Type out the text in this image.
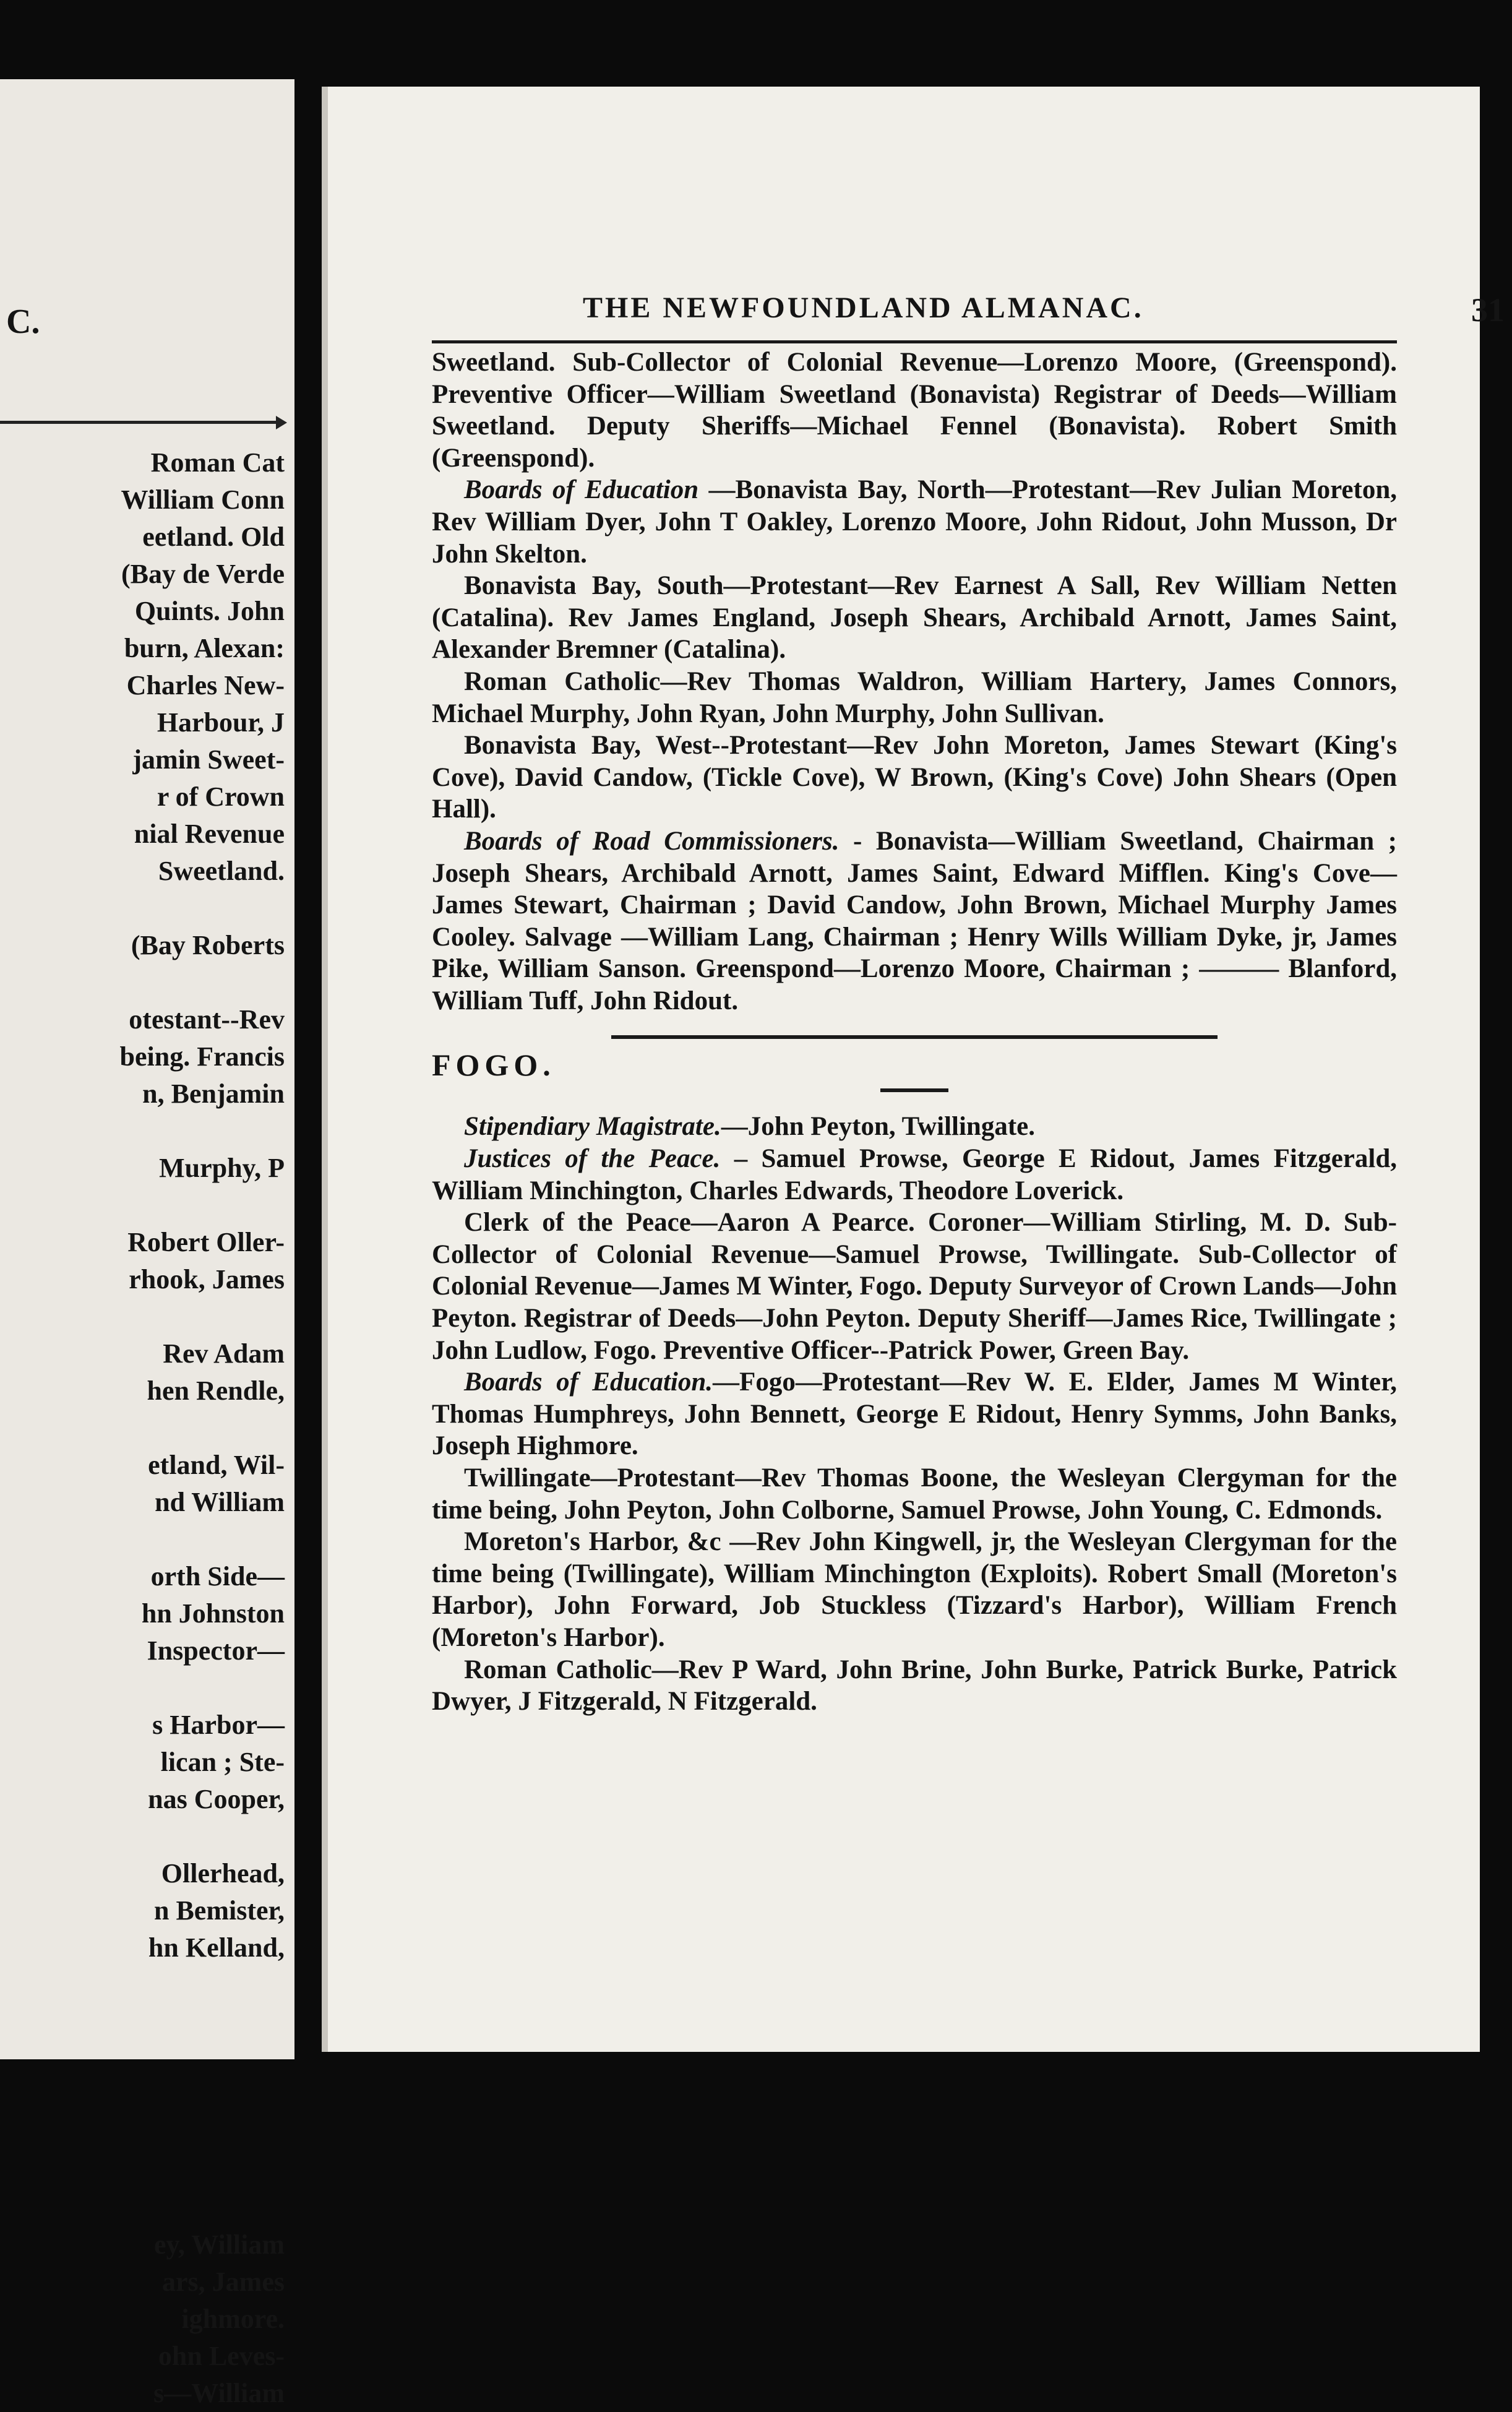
C.
Roman Cat
William Conn
eetland. Old
(Bay de Verde
Quints. John
burn, Alexan:
Charles New-
Harbour, J
jamin Sweet-
r of Crown
nial Revenue
Sweetland.
(Bay Roberts
otestant--Rev
being. Francis
n, Benjamin
Murphy, P
Robert Oller-
rhook, James
Rev Adam
hen Rendle,
etland, Wil-
nd William
orth Side—
hn Johnston
Inspector—
s Harbor—
lican ; Ste-
nas Cooper,
Ollerhead,
n Bemister,
hn Kelland,
ey, William
ars, James
ighmore.
ohn Leves-
s—William
THE NEWFOUNDLAND ALMANAC.	31

Sweetland. Sub-Collector of Colonial Revenue—Lorenzo Moore, (Greenspond). Preventive Officer—William Sweetland (Bonavista) Registrar of Deeds—William Sweetland. Deputy Sheriffs—Michael Fennel (Bonavista). Robert Smith (Greenspond).

Boards of Education —Bonavista Bay, North—Protestant—Rev Julian Moreton, Rev William Dyer, John T Oakley, Lorenzo Moore, John Ridout, John Musson, Dr John Skelton.

Bonavista Bay, South—Protestant—Rev Earnest A Sall, Rev William Netten (Catalina). Rev James England, Joseph Shears, Archibald Arnott, James Saint, Alexander Bremner (Catalina).

Roman Catholic—Rev Thomas Waldron, William Hartery, James Connors, Michael Murphy, John Ryan, John Murphy, John Sullivan.

Bonavista Bay, West--Protestant—Rev John Moreton, James Stewart (King's Cove), David Candow, (Tickle Cove), W Brown, (King's Cove) John Shears (Open Hall).

Boards of Road Commissioners. - Bonavista—William Sweetland, Chairman ; Joseph Shears, Archibald Arnott, James Saint, Edward Mifflen. King's Cove—James Stewart, Chairman ; David Candow, John Brown, Michael Murphy James Cooley. Salvage —William Lang, Chairman ; Henry Wills William Dyke, jr, James Pike, William Sanson. Greenspond—Lorenzo Moore, Chairman ; ——— Blanford, William Tuff, John Ridout.

FOGO.

Stipendiary Magistrate.—John Peyton, Twillingate.

Justices of the Peace. – Samuel Prowse, George E Ridout, James Fitzgerald, William Minchington, Charles Edwards, Theodore Loverick.

Clerk of the Peace—Aaron A Pearce. Coroner—William Stirling, M. D. Sub-Collector of Colonial Revenue—Samuel Prowse, Twillingate. Sub-Collector of Colonial Revenue—James M Winter, Fogo. Deputy Surveyor of Crown Lands—John Peyton. Registrar of Deeds—John Peyton. Deputy Sheriff—James Rice, Twillingate ; John Ludlow, Fogo. Preventive Officer--Patrick Power, Green Bay.

Boards of Education.—Fogo—Protestant—Rev W. E. Elder, James M Winter, Thomas Humphreys, John Bennett, George E Ridout, Henry Symms, John Banks, Joseph Highmore.

Twillingate—Protestant—Rev Thomas Boone, the Wesleyan Clergyman for the time being, John Peyton, John Colborne, Samuel Prowse, John Young, C. Edmonds.

Moreton's Harbor, &c —Rev John Kingwell, jr, the Wesleyan Clergyman for the time being (Twillingate), William Minchington (Exploits). Robert Small (Moreton's Harbor), John Forward, Job Stuckless (Tizzard's Harbor), William French (Moreton's Harbor).

Roman Catholic—Rev P Ward, John Brine, John Burke, Patrick Burke, Patrick Dwyer, J Fitzgerald, N Fitzgerald.
